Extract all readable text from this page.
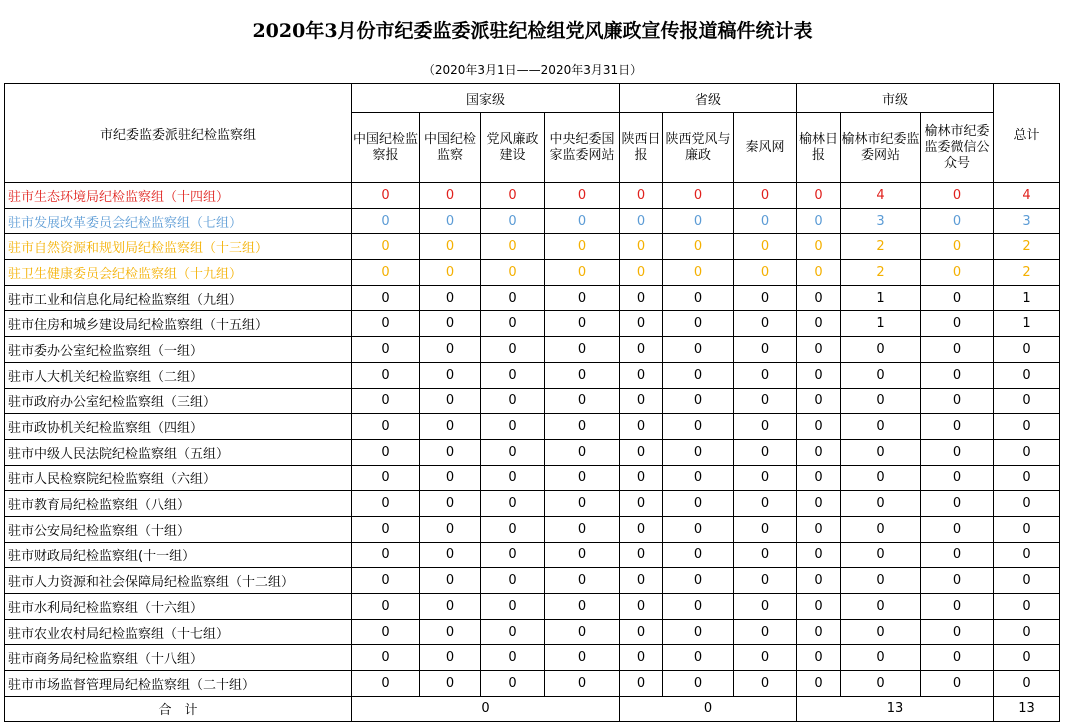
2020年3月份市纪委监委派驻纪检组党风廉政宣传报道稿件统计表
（2020年3月1日——2020年3月31日）
市纪委监委派驻纪检监察组	国家级				省级			市级			总计
	中国纪检监察报	中国纪检监察	党风廉政建设	中央纪委国家监委网站	陕西日报	陕西党风与廉政	秦风网	榆林日报	榆林市纪委监委网站	榆林市纪委监委微信公众号	
驻市生态环境局纪检监察组（十四组）	0	0	0	0	0	0	0	0	4	0	4
驻市发展改革委员会纪检监察组（七组）	0	0	0	0	0	0	0	0	3	0	3
驻市自然资源和规划局纪检监察组（十三组）	0	0	0	0	0	0	0	0	2	0	2
驻卫生健康委员会纪检监察组（十九组）	0	0	0	0	0	0	0	0	2	0	2
驻市工业和信息化局纪检监察组（九组）	0	0	0	0	0	0	0	0	1	0	1
驻市住房和城乡建设局纪检监察组（十五组）	0	0	0	0	0	0	0	0	1	0	1
驻市委办公室纪检监察组（一组）	0	0	0	0	0	0	0	0	0	0	0
驻市人大机关纪检监察组（二组）	0	0	0	0	0	0	0	0	0	0	0
驻市政府办公室纪检监察组（三组）	0	0	0	0	0	0	0	0	0	0	0
驻市政协机关纪检监察组（四组）	0	0	0	0	0	0	0	0	0	0	0
驻市中级人民法院纪检监察组（五组）	0	0	0	0	0	0	0	0	0	0	0
驻市人民检察院纪检监察组（六组）	0	0	0	0	0	0	0	0	0	0	0
驻市教育局纪检监察组（八组）	0	0	0	0	0	0	0	0	0	0	0
驻市公安局纪检监察组（十组）	0	0	0	0	0	0	0	0	0	0	0
驻市财政局纪检监察组(十一组）	0	0	0	0	0	0	0	0	0	0	0
驻市人力资源和社会保障局纪检监察组（十二组）	0	0	0	0	0	0	0	0	0	0	0
驻市水利局纪检监察组（十六组）	0	0	0	0	0	0	0	0	0	0	0
驻市农业农村局纪检监察组（十七组）	0	0	0	0	0	0	0	0	0	0	0
驻市商务局纪检监察组（十八组）	0	0	0	0	0	0	0	0	0	0	0
驻市市场监督管理局纪检监察组（二十组）	0	0	0	0	0	0	0	0	0	0	0
合　计	0				0			13			13
